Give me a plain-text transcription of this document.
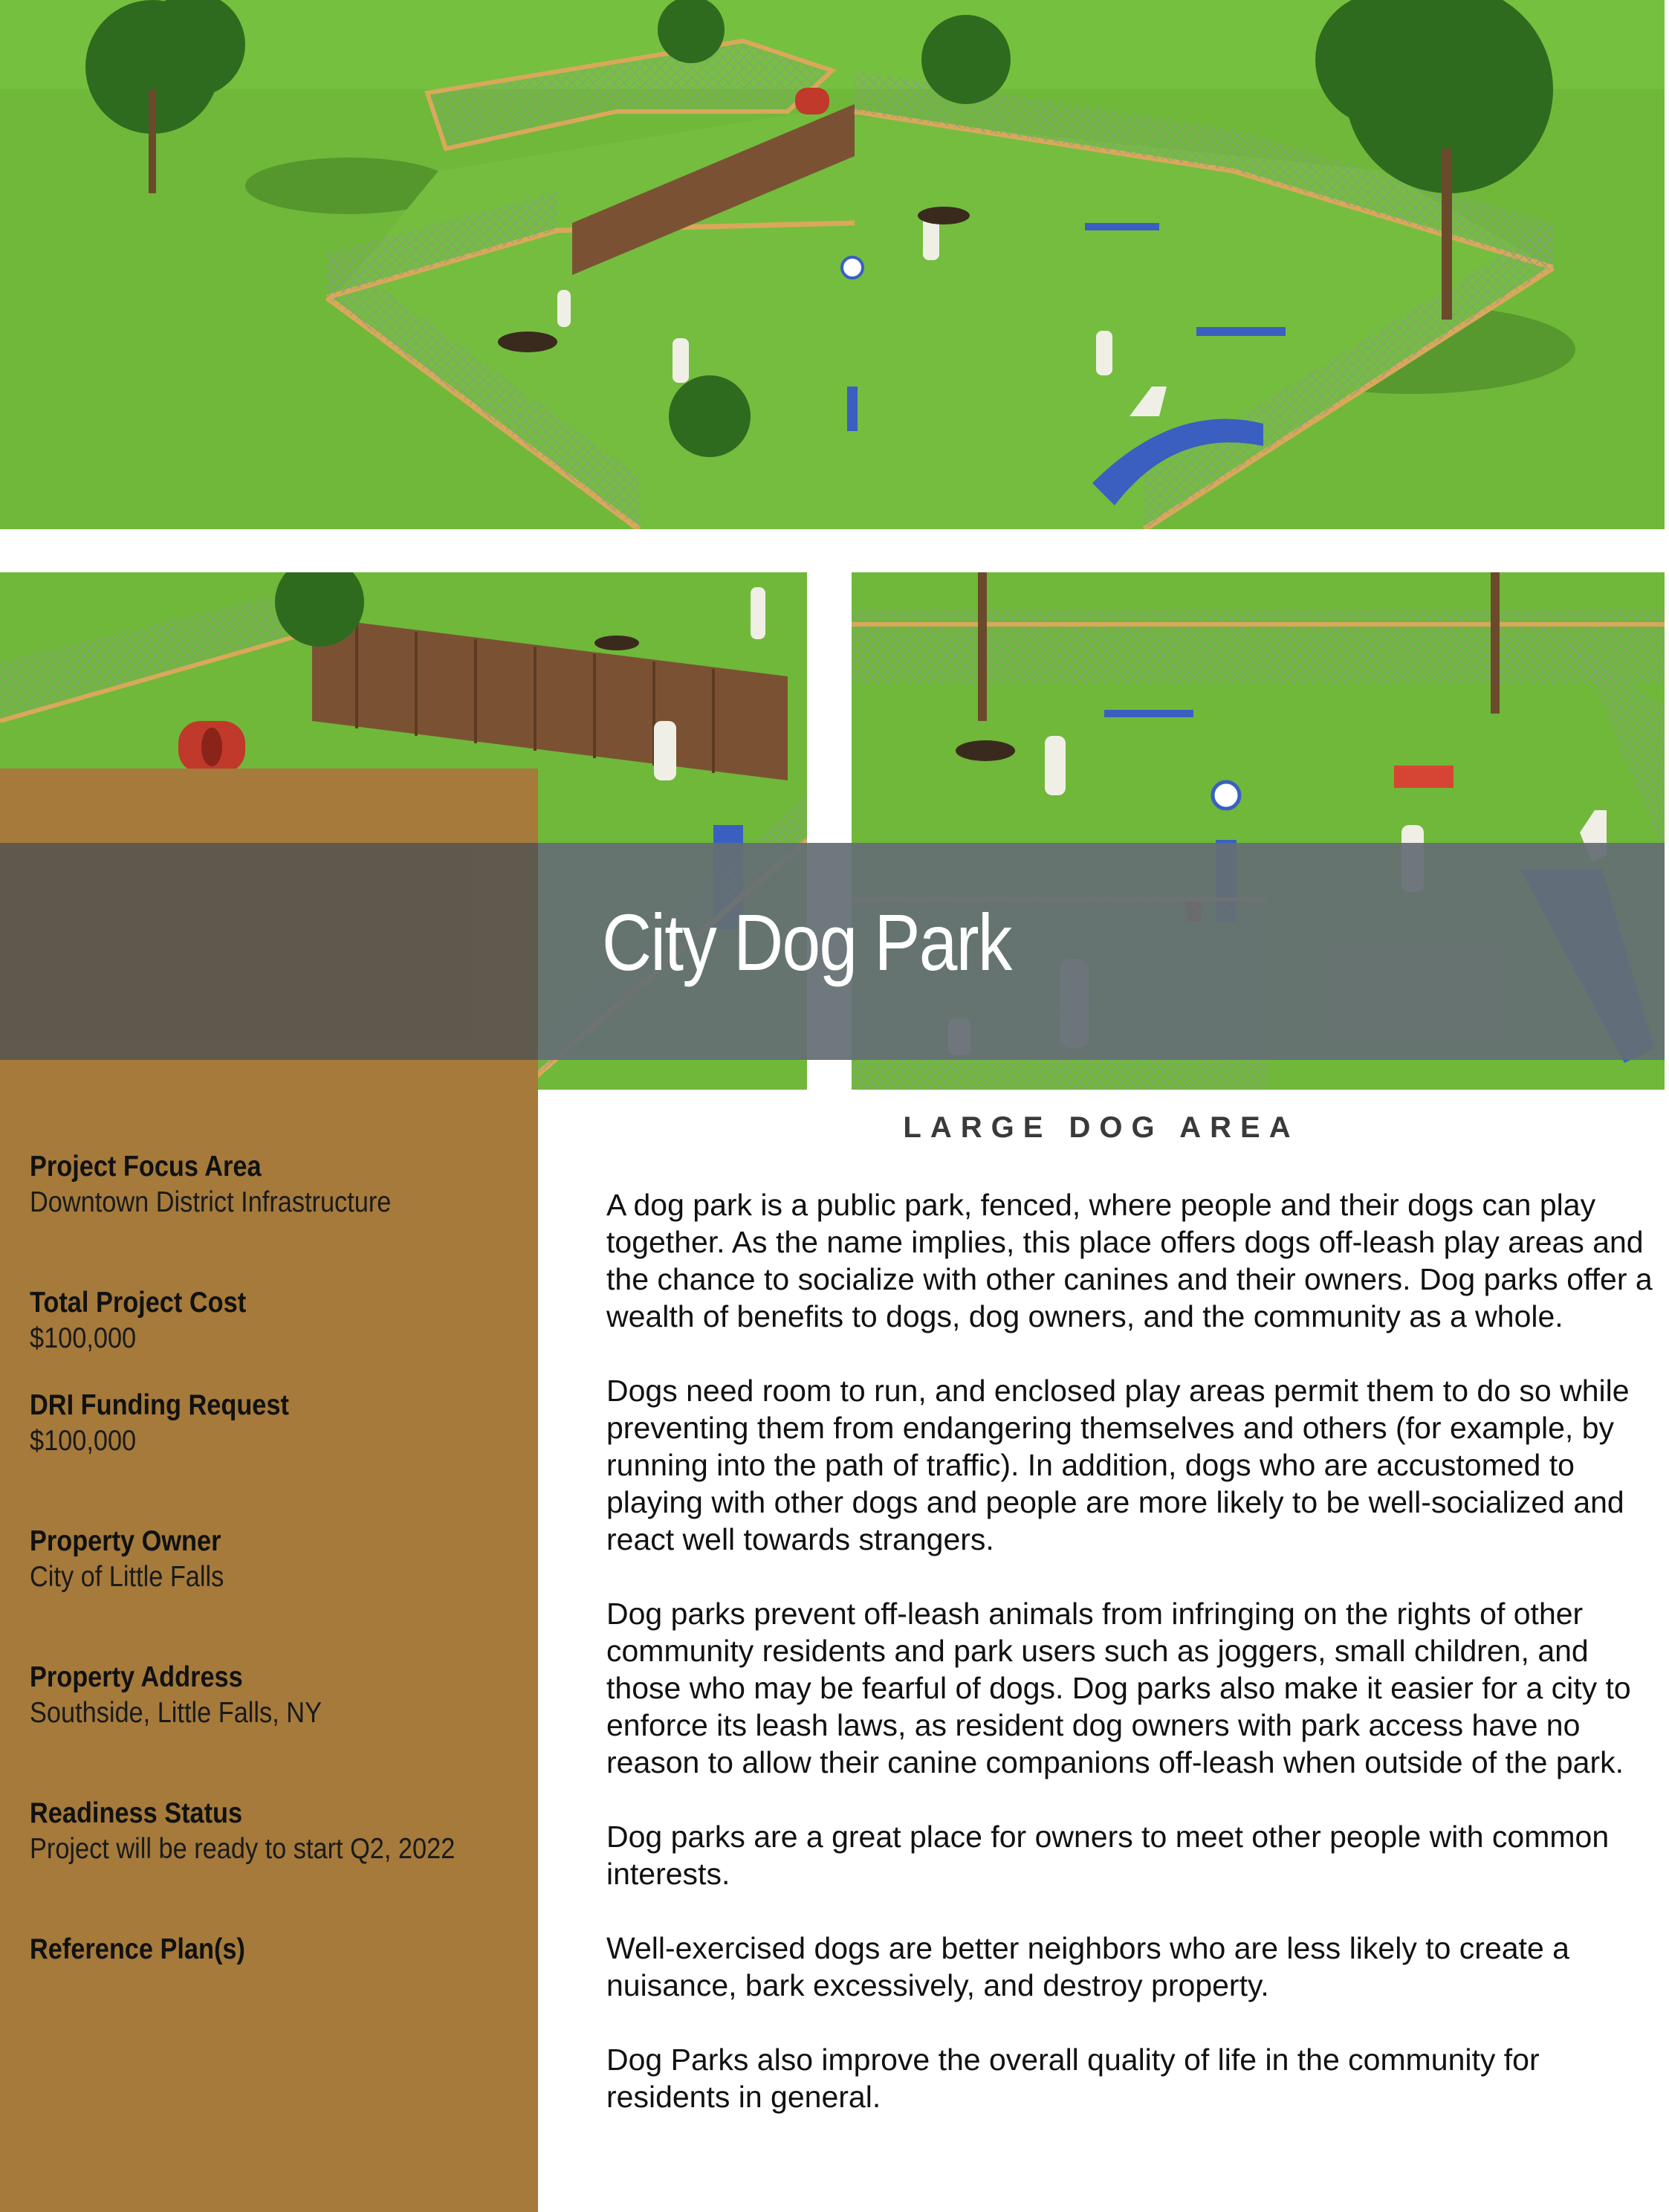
City Dog Park
LARGE DOG AREA
Project Focus Area
Downtown District Infrastructure
Total Project Cost
$100,000
DRI Funding Request
$100,000
Property Owner
City of Little Falls
Property Address
Southside, Little Falls, NY
Readiness Status
Project will be ready to start Q2, 2022
Reference Plan(s)

A dog park is a public park, fenced, where people and their dogs can play together. As the name implies, this place offers dogs off-leash play areas and the chance to socialize with other canines and their owners. Dog parks offer a wealth of benefits to dogs, dog owners, and the community as a whole.

Dogs need room to run, and enclosed play areas permit them to do so while preventing them from endangering themselves and others (for example, by running into the path of traffic). In addition, dogs who are accustomed to playing with other dogs and people are more likely to be well-socialized and react well towards strangers.

Dog parks prevent off-leash animals from infringing on the rights of other community residents and park users such as joggers, small children, and those who may be fearful of dogs. Dog parks also make it easier for a city to enforce its leash laws, as resident dog owners with park access have no reason to allow their canine companions off-leash when outside of the park.

Dog parks are a great place for owners to meet other people with common interests.

Well-exercised dogs are better neighbors who are less likely to create a nuisance, bark excessively, and destroy property.

Dog Parks also improve the overall quality of life in the community for residents in general.
